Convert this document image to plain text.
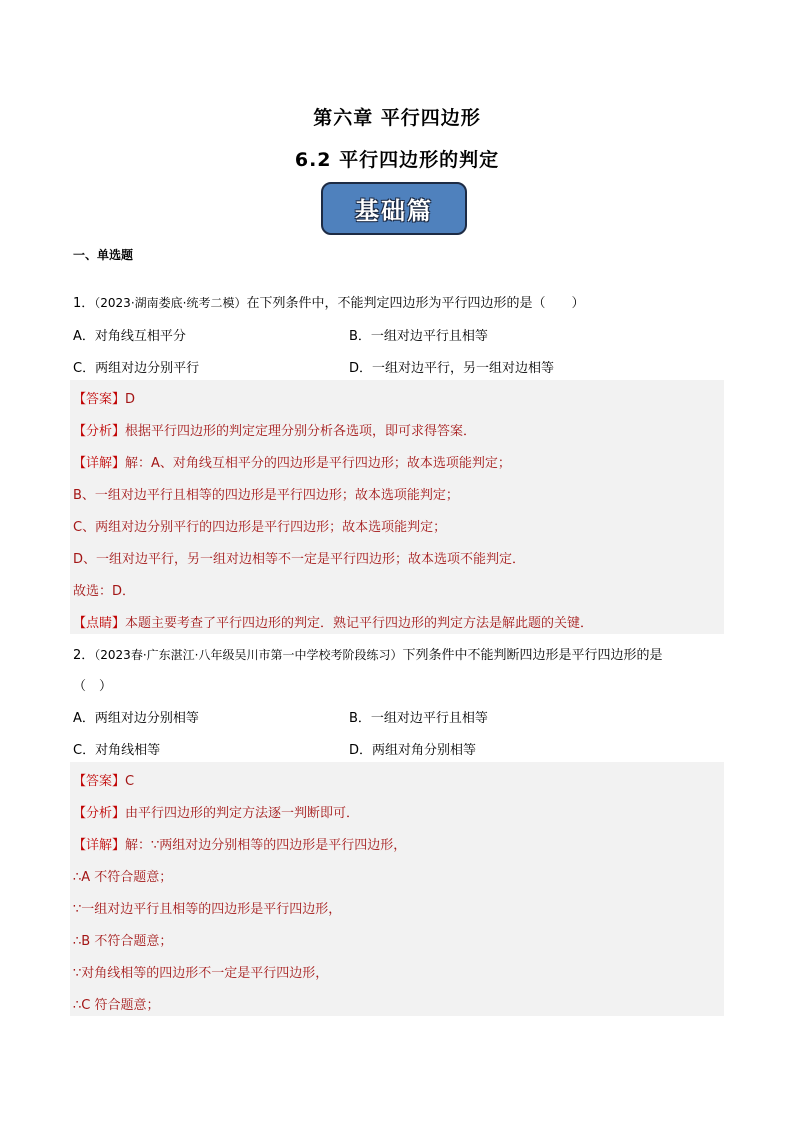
第六章 平行四边形
6.2 平行四边形的判定
基础篇
一、单选题
1．（2023·湖南娄底·统考二模）在下列条件中，不能判定四边形为平行四边形的是（　　）
A．对角线互相平分	B．一组对边平行且相等
C．两组对边分别平行	D．一组对边平行，另一组对边相等
【答案】D
【分析】根据平行四边形的判定定理分别分析各选项，即可求得答案．
【详解】解：A、对角线互相平分的四边形是平行四边形；故本选项能判定；
B、一组对边平行且相等的四边形是平行四边形；故本选项能判定；
C、两组对边分别平行的四边形是平行四边形；故本选项能判定；
D、一组对边平行，另一组对边相等不一定是平行四边形；故本选项不能判定．
故选：D．
【点睛】本题主要考查了平行四边形的判定．熟记平行四边形的判定方法是解此题的关键．
2．（2023春·广东湛江·八年级吴川市第一中学校考阶段练习）下列条件中不能判断四边形是平行四边形的是
（　）
A．两组对边分别相等	B．一组对边平行且相等
C．对角线相等	D．两组对角分别相等
【答案】C
【分析】由平行四边形的判定方法逐一判断即可．
【详解】解：∵两组对边分别相等的四边形是平行四边形，
∴A 不符合题意；
∵一组对边平行且相等的四边形是平行四边形，
∴B 不符合题意；
∵对角线相等的四边形不一定是平行四边形，
∴C 符合题意；
